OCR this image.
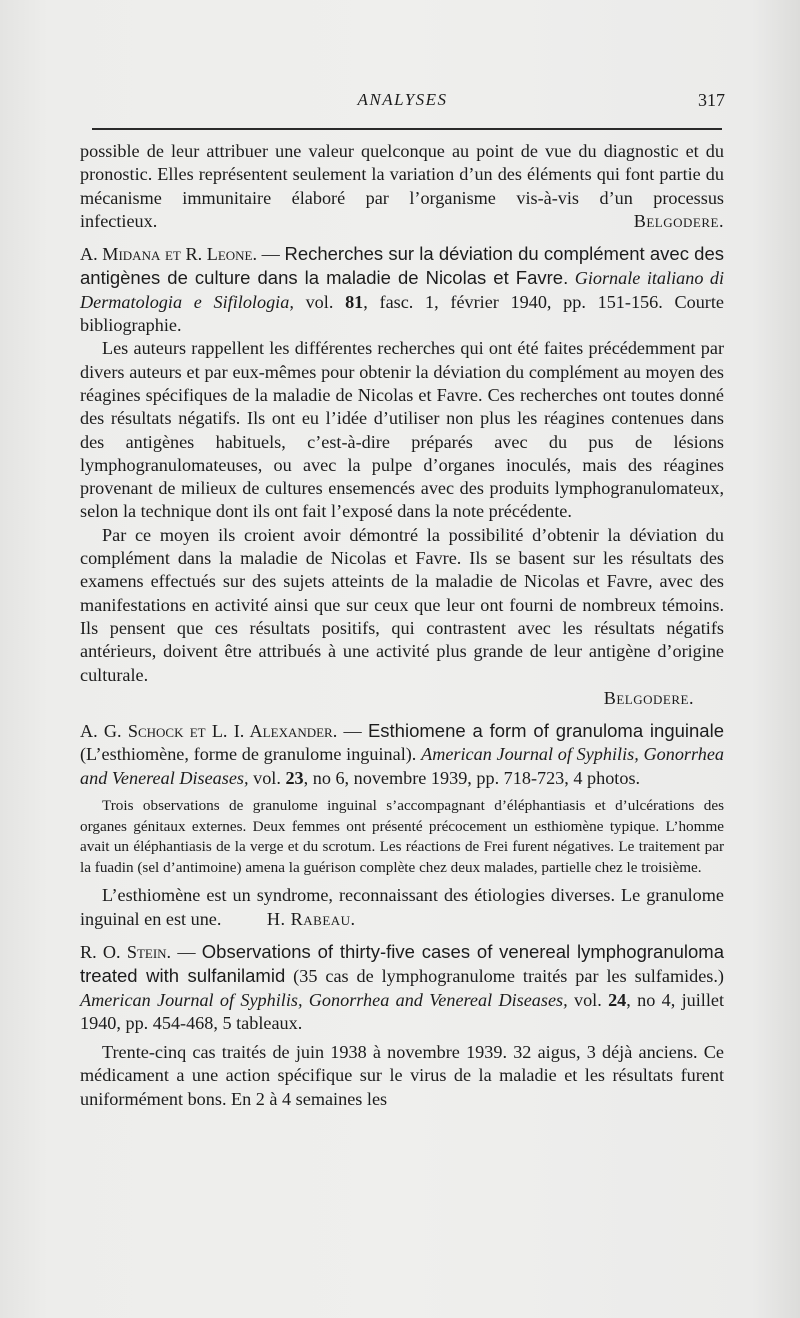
ANALYSES	317

possible de leur attribuer une valeur quelconque au point de vue du diagnostic et du pronostic. Elles représentent seulement la variation d’un des éléments qui font partie du mécanisme immunitaire élaboré par l’organisme vis-à-vis d’un processus infectieux.	Belgodere.

A. Midana et R. Leone. — Recherches sur la déviation du complément avec des antigènes de culture dans la maladie de Nicolas et Favre. Giornale italiano di Dermatologia e Sifilologia, vol. 81, fasc. 1, février 1940, pp. 151-156. Courte bibliographie.

Les auteurs rappellent les différentes recherches qui ont été faites précédemment par divers auteurs et par eux-mêmes pour obtenir la déviation du complément au moyen des réagines spécifiques de la maladie de Nicolas et Favre. Ces recherches ont toutes donné des résultats négatifs. Ils ont eu l’idée d’utiliser non plus les réagines contenues dans des antigènes habituels, c’est-à-dire préparés avec du pus de lésions lymphogranulomateuses, ou avec la pulpe d’organes inoculés, mais des réagines provenant de milieux de cultures ensemencés avec des produits lymphogranulomateux, selon la technique dont ils ont fait l’exposé dans la note précédente.

Par ce moyen ils croient avoir démontré la possibilité d’obtenir la déviation du complément dans la maladie de Nicolas et Favre. Ils se basent sur les résultats des examens effectués sur des sujets atteints de la maladie de Nicolas et Favre, avec des manifestations en activité ainsi que sur ceux que leur ont fourni de nombreux témoins. Ils pensent que ces résultats positifs, qui contrastent avec les résultats négatifs antérieurs, doivent être attribués à une activité plus grande de leur antigène d’origine culturale.

Belgodere.

A. G. Schock et L. I. Alexander. — Esthiomene a form of granuloma inguinale (L’esthiomène, forme de granulome inguinal). American Journal of Syphilis, Gonorrhea and Venereal Diseases, vol. 23, no 6, novembre 1939, pp. 718-723, 4 photos.

Trois observations de granulome inguinal s’accompagnant d’éléphantiasis et d’ulcérations des organes génitaux externes. Deux femmes ont présenté précocement un esthiomène typique. L’homme avait un éléphantiasis de la verge et du scrotum. Les réactions de Frei furent négatives. Le traitement par la fuadin (sel d’antimoine) amena la guérison complète chez deux malades, partielle chez le troisième.

L’esthiomène est un syndrome, reconnaissant des étiologies diverses. Le granulome inguinal en est une. H. Rabeau.

R. O. Stein. — Observations of thirty-five cases of venereal lymphogranuloma treated with sulfanilamid (35 cas de lymphogranulome traités par les sulfamides.) American Journal of Syphilis, Gonorrhea and Venereal Diseases, vol. 24, no 4, juillet 1940, pp. 454-468, 5 tableaux.

Trente-cinq cas traités de juin 1938 à novembre 1939. 32 aigus, 3 déjà anciens. Ce médicament a une action spécifique sur le virus de la maladie et les résultats furent uniformément bons. En 2 à 4 semaines les
